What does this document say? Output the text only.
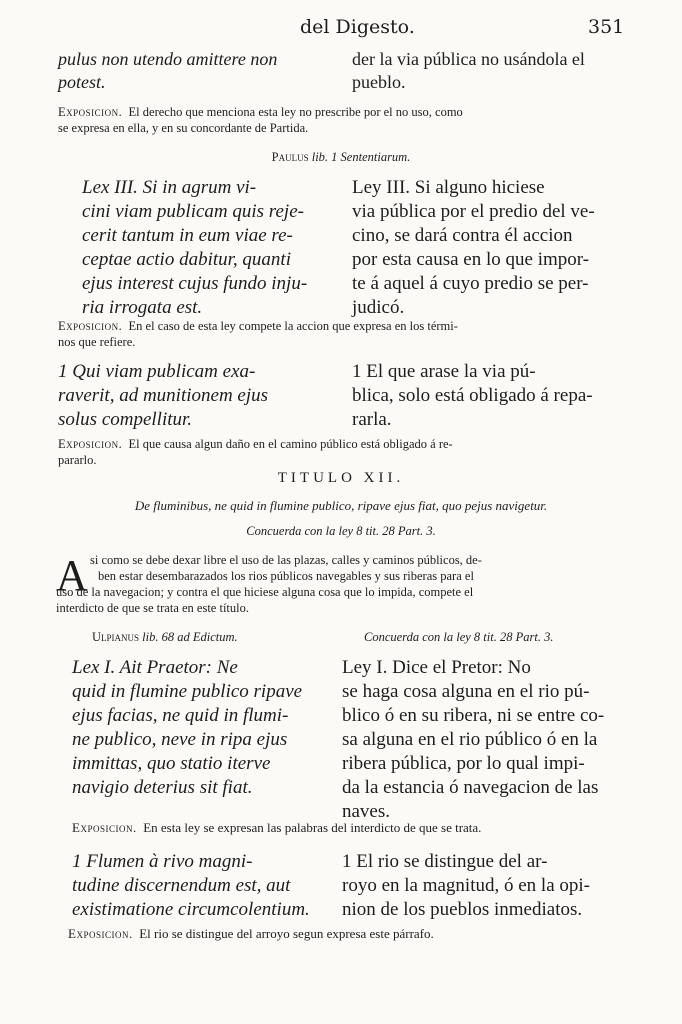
del Digesto.	351
pulus non utendo amittere non
potest.
der la via pública no usándola el
pueblo.
Exposicion. El derecho que menciona esta ley no prescribe por el no uso, como
se expresa en ella, y en su concordante de Partida.
Paulus lib. 1 Sententiarum.
Lex III. Si in agrum vi-
cini viam publicam quis reje-
cerit tantum in eum viae re-
ceptae actio dabitur, quanti
ejus interest cujus fundo inju-
ria irrogata est.
Ley III. Si alguno hiciese
via pública por el predio del ve-
cino, se dará contra él accion
por esta causa en lo que impor-
te á aquel á cuyo predio se per-
judicó.
Exposicion. En el caso de esta ley compete la accion que expresa en los térmi-
nos que refiere.
1 Qui viam publicam exa-
raverit, ad munitionem ejus
solus compellitur.
1 El que arase la via pú-
blica, solo está obligado á repa-
rarla.
Exposicion. El que causa algun daño en el camino público está obligado á re-
pararlo.
TITULO XII.
De fluminibus, ne quid in flumine publico, ripave ejus fiat, quo pejus navigetur.
Concuerda con la ley 8 tit. 28 Part. 3.
A si como se debe dexar libre el uso de las plazas, calles y caminos públicos, de-
ben estar desembarazados los rios públicos navegables y sus riberas para el
uso de la navegacion; y contra el que hiciese alguna cosa que lo impida, compete el
interdicto de que se trata en este título.
Ulpianus lib. 68 ad Edictum.	Concuerda con la ley 8 tit. 28 Part. 3.
Lex I. Ait Praetor: Ne
quid in flumine publico ripave
ejus facias, ne quid in flumi-
ne publico, neve in ripa ejus
immittas, quo statio iterve
navigio deterius sit fiat.
Ley I. Dice el Pretor: No
se haga cosa alguna en el rio pú-
blico ó en su ribera, ni se entre co-
sa alguna en el rio público ó en la
ribera pública, por lo qual impi-
da la estancia ó navegacion de las
naves.
Exposicion. En esta ley se expresan las palabras del interdicto de que se trata.
1 Flumen à rivo magni-
tudine discernendum est, aut
existimatione circumcolentium.
1 El rio se distingue del ar-
royo en la magnitud, ó en la opi-
nion de los pueblos inmediatos.
Exposicion. El rio se distingue del arroyo segun expresa este párrafo.
